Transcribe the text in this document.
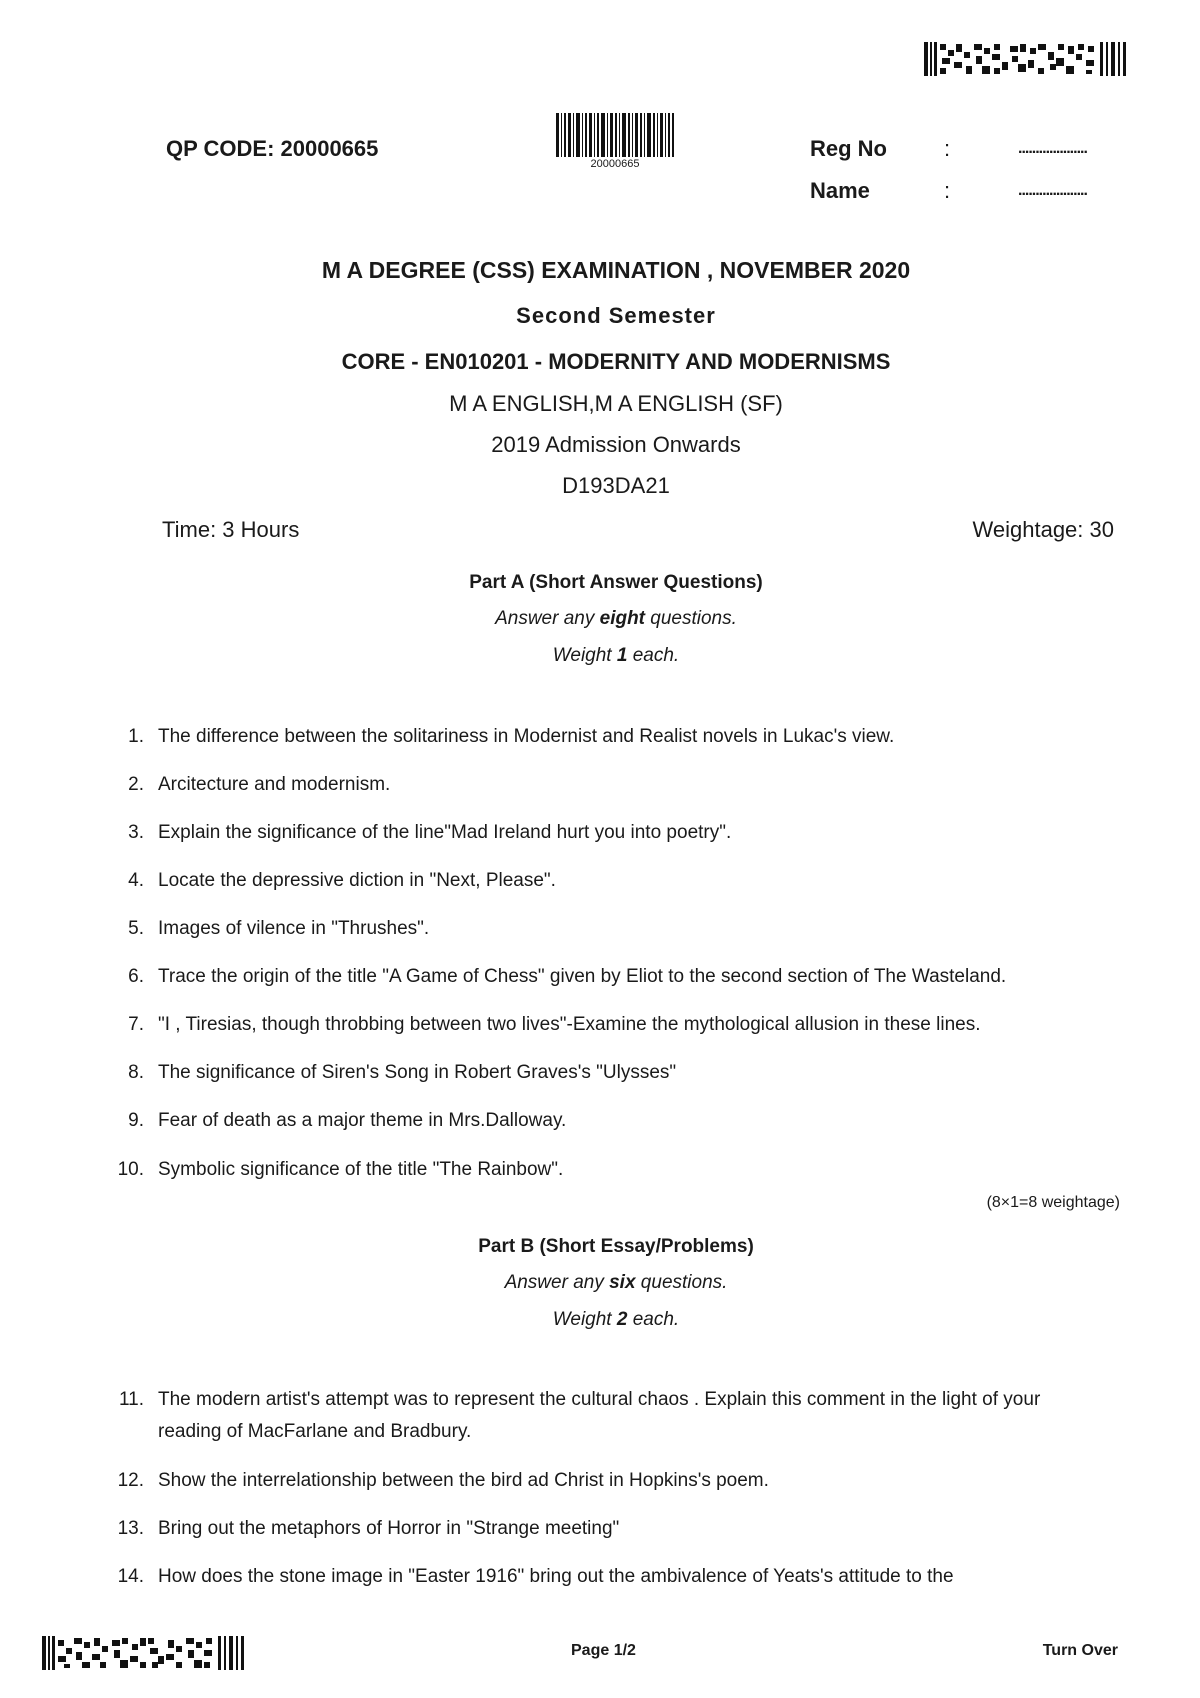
QP CODE: 20000665
20000665
Reg No	:	....................
Name	:	....................
M A DEGREE (CSS) EXAMINATION , NOVEMBER 2020
Second Semester
CORE - EN010201 - MODERNITY AND MODERNISMS
M A ENGLISH,M A ENGLISH (SF)
2019 Admission Onwards
D193DA21
Time: 3 Hours	Weightage: 30
Part A (Short Answer Questions)
Answer any eight questions.
Weight 1 each.
1. The difference between the solitariness in Modernist and Realist novels in Lukac's view.
2. Arcitecture and modernism.
3. Explain the significance of the line"Mad Ireland hurt you into poetry".
4. Locate the depressive diction in "Next, Please".
5. Images of vilence in "Thrushes".
6. Trace the origin of the title "A Game of Chess" given by Eliot to the second section of The Wasteland.
7. "I , Tiresias, though throbbing between two lives"-Examine the mythological allusion in these lines.
8. The significance of Siren's Song in Robert Graves's "Ulysses"
9. Fear of death as a major theme in Mrs.Dalloway.
10. Symbolic significance of the title "The Rainbow".
(8×1=8 weightage)
Part B (Short Essay/Problems)
Answer any six questions.
Weight 2 each.
11. The modern artist's attempt was to represent the cultural chaos . Explain this comment in the light of your reading of MacFarlane and Bradbury.
12. Show the interrelationship between the bird ad Christ in Hopkins's poem.
13. Bring out the metaphors of Horror in "Strange meeting"
14. How does the stone image in "Easter 1916" bring out the ambivalence of Yeats's attitude to the
Page 1/2	Turn Over
